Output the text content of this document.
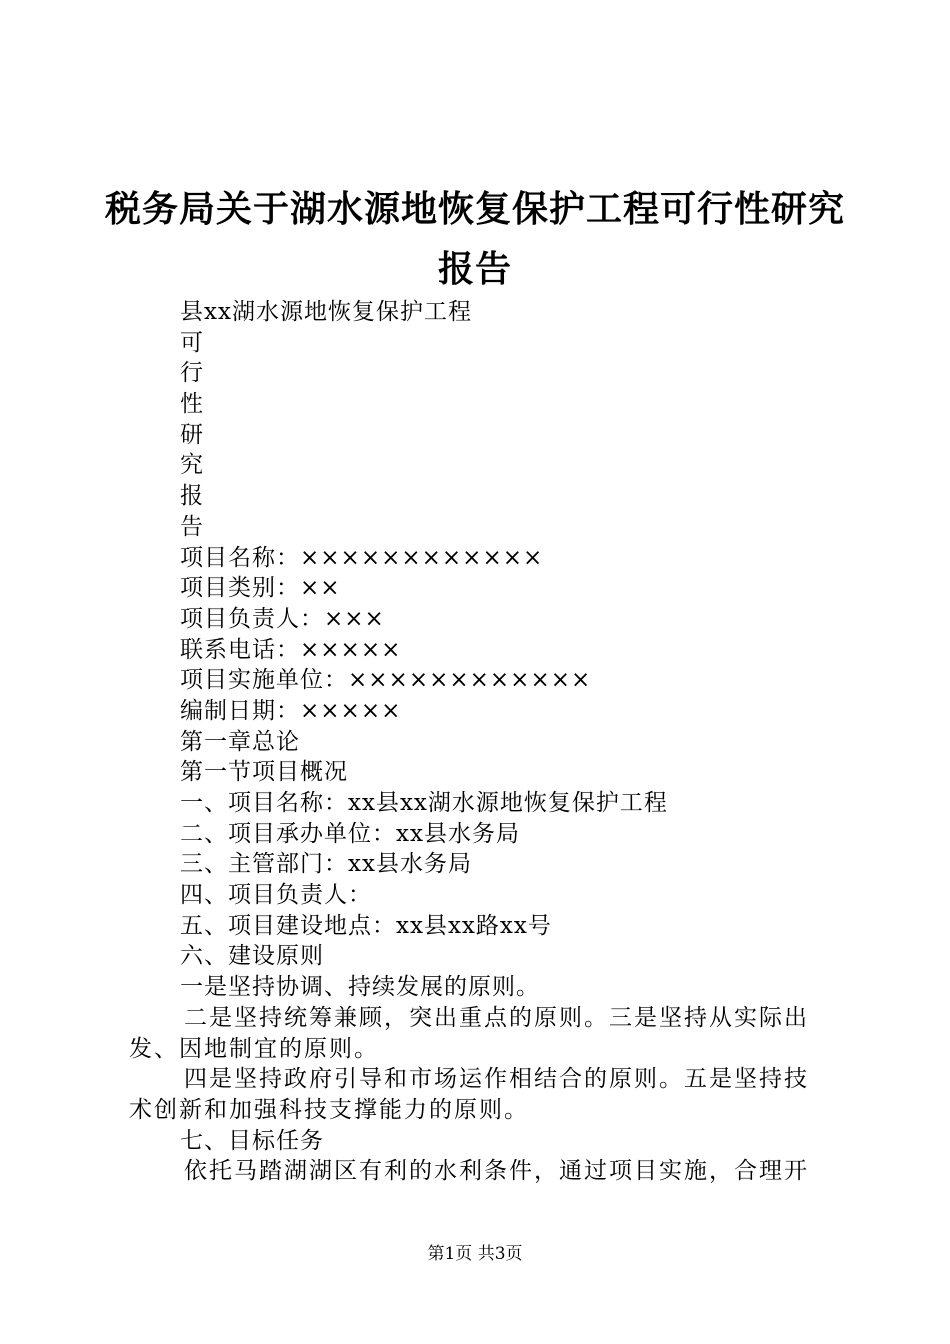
税务局关于湖水源地恢复保护工程可行性研究
报告
县xx湖水源地恢复保护工程
可
行
性
研
究
报
告
项目名称：××××××××××××
项目类别：××
项目负责人：×××
联系电话：×××××
项目实施单位：××××××××××××
编制日期：×××××
第一章总论
第一节项目概况
一、项目名称：xx县xx湖水源地恢复保护工程
二、项目承办单位：xx县水务局
三、主管部门：xx县水务局
四、项目负责人：
五、项目建设地点：xx县xx路xx号
六、建设原则
一是坚持协调、持续发展的原则。
二是坚持统筹兼顾，突出重点的原则。三是坚持从实际出
发、因地制宜的原则。
四是坚持政府引导和市场运作相结合的原则。五是坚持技
术创新和加强科技支撑能力的原则。
七、目标任务
依托马踏湖湖区有利的水利条件，通过项目实施，合理开
第1页 共3页
